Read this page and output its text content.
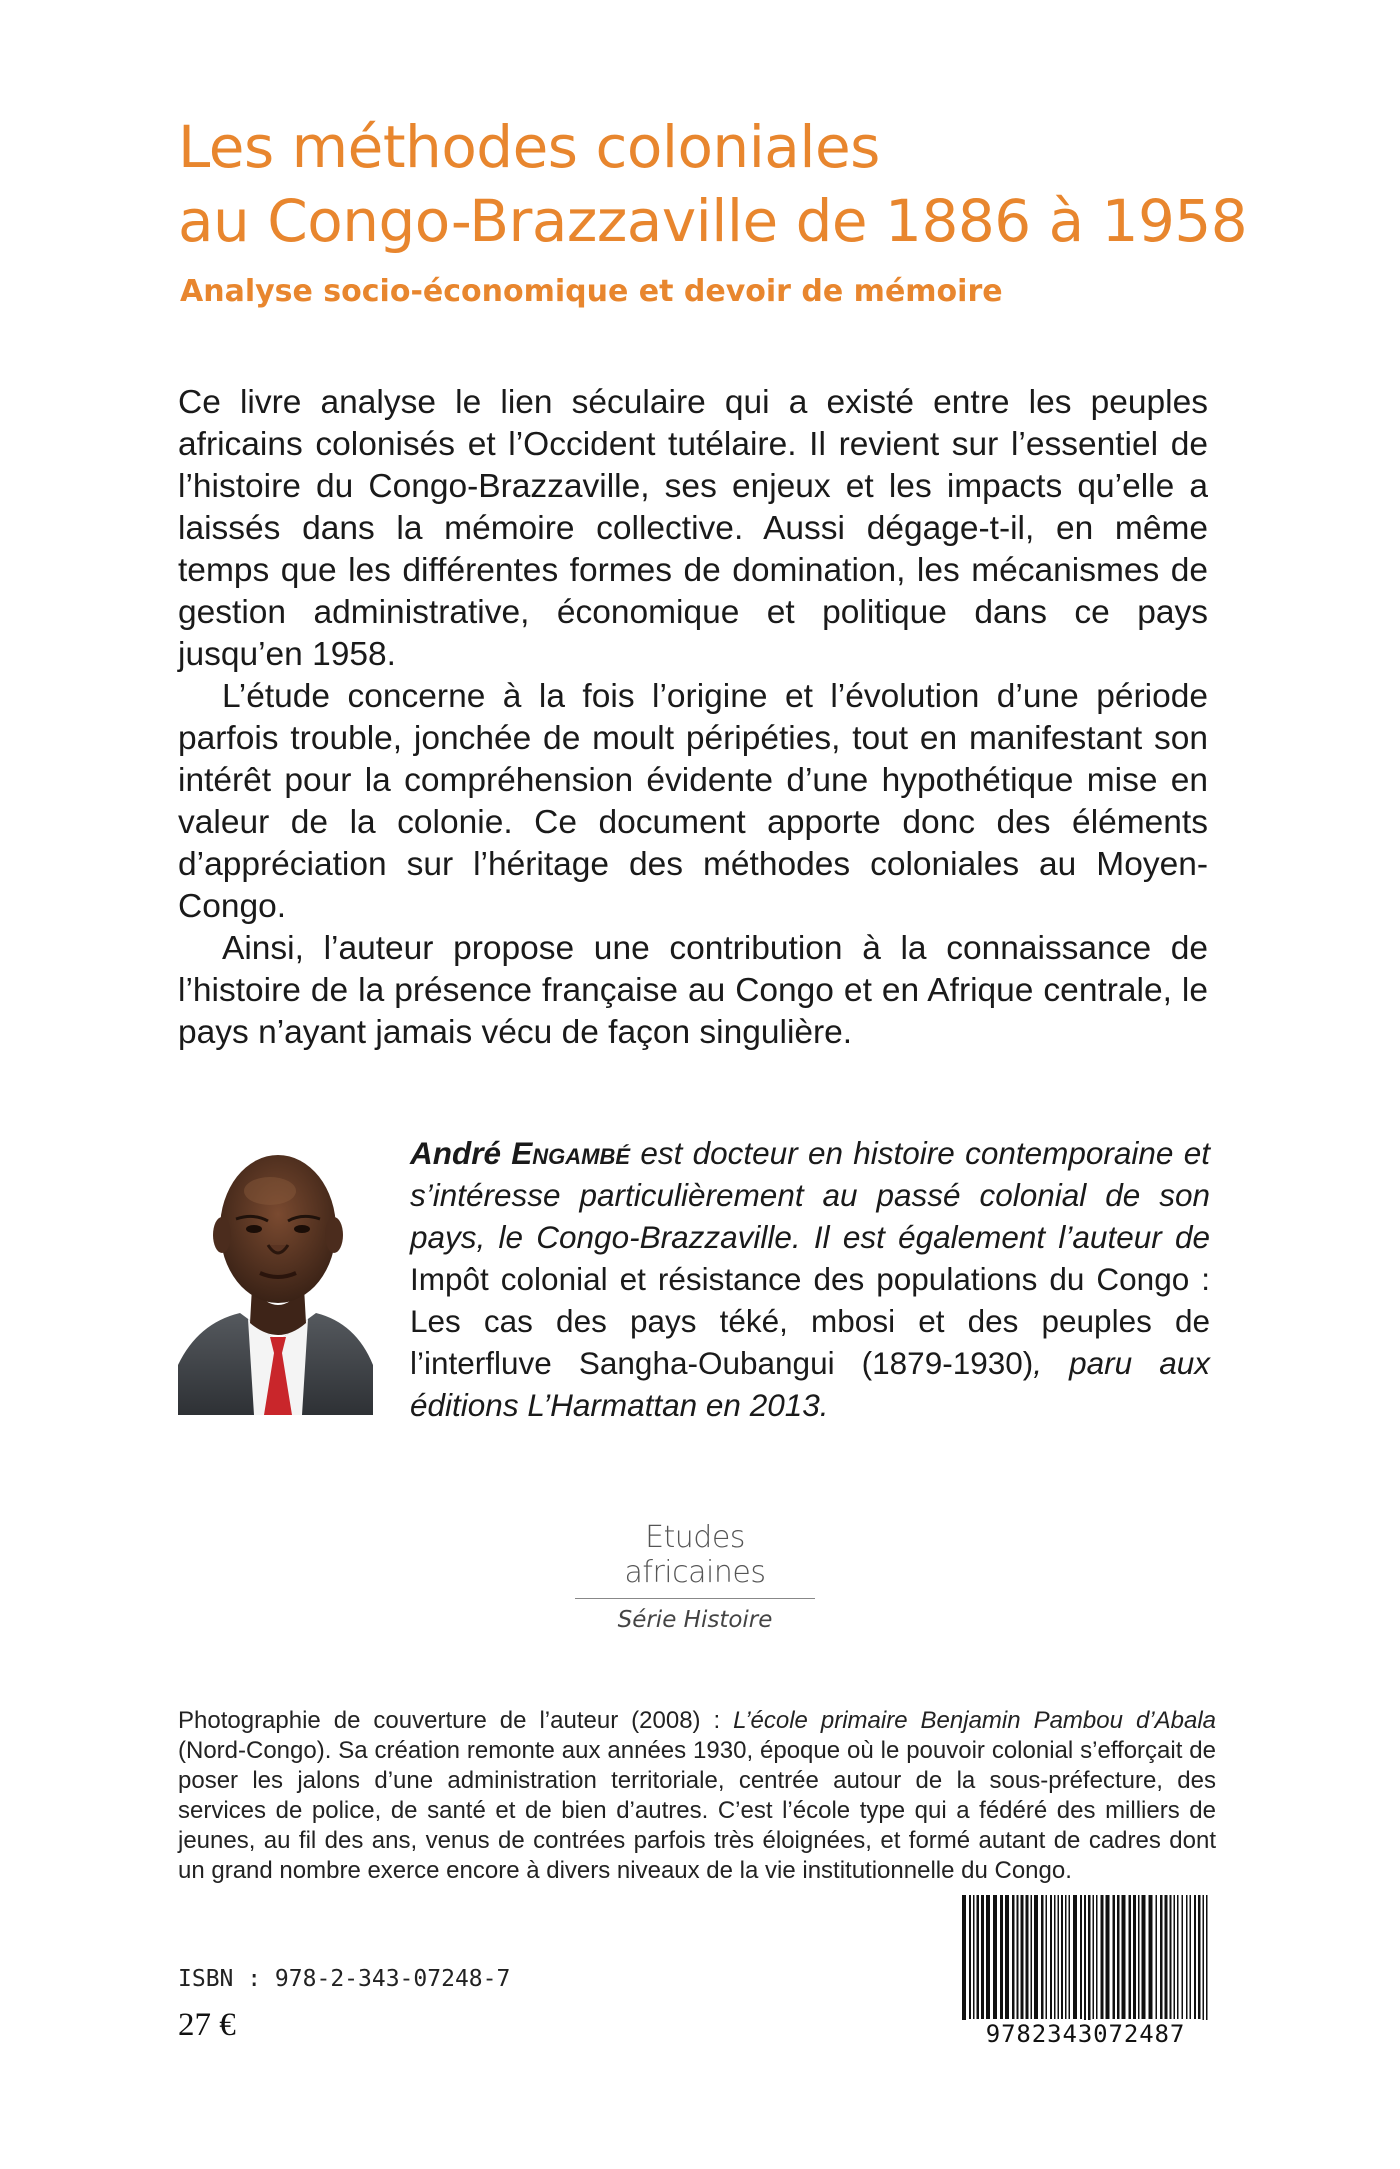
Les méthodes coloniales
au Congo-Brazzaville de 1886 à 1958
Analyse socio-économique et devoir de mémoire

Ce livre analyse le lien séculaire qui a existé entre les peuples africains colonisés et l’Occident tutélaire. Il revient sur l’essentiel de l’histoire du Congo-Brazzaville, ses enjeux et les impacts qu’elle a laissés dans la mémoire collective. Aussi dégage-t-il, en même temps que les différentes formes de domination, les mécanismes de gestion administrative, économique et politique dans ce pays jusqu’en 1958.

L’étude concerne à la fois l’origine et l’évolution d’une période parfois trouble, jonchée de moult péripéties, tout en manifestant son intérêt pour la compréhension évidente d’une hypothétique mise en valeur de la colonie. Ce document apporte donc des éléments d’appréciation sur l’héritage des méthodes coloniales au Moyen-Congo.

Ainsi, l’auteur propose une contribution à la connaissance de l’histoire de la présence française au Congo et en Afrique centrale, le pays n’ayant jamais vécu de façon singulière.

André Engambé est docteur en histoire contemporaine et s’intéresse particulièrement au passé colonial de son pays, le Congo-Brazzaville. Il est également l’auteur de Impôt colonial et résistance des populations du Congo : Les cas des pays téké, mbosi et des peuples de l’interfluve Sangha-Oubangui (1879-1930), paru aux éditions L’Harmattan en 2013.

Etudes africaines
Série Histoire

Photographie de couverture de l’auteur (2008) : L’école primaire Benjamin Pambou d’Abala (Nord-Congo). Sa création remonte aux années 1930, époque où le pouvoir colonial s’efforçait de poser les jalons d’une administration territoriale, centrée autour de la sous-préfecture, des services de police, de santé et de bien d’autres. C’est l’école type qui a fédéré des milliers de jeunes, au fil des ans, venus de contrées parfois très éloignées, et formé autant de cadres dont un grand nombre exerce encore à divers niveaux de la vie institutionnelle du Congo.

ISBN : 978-2-343-07248-7
27 €	9782343072487
